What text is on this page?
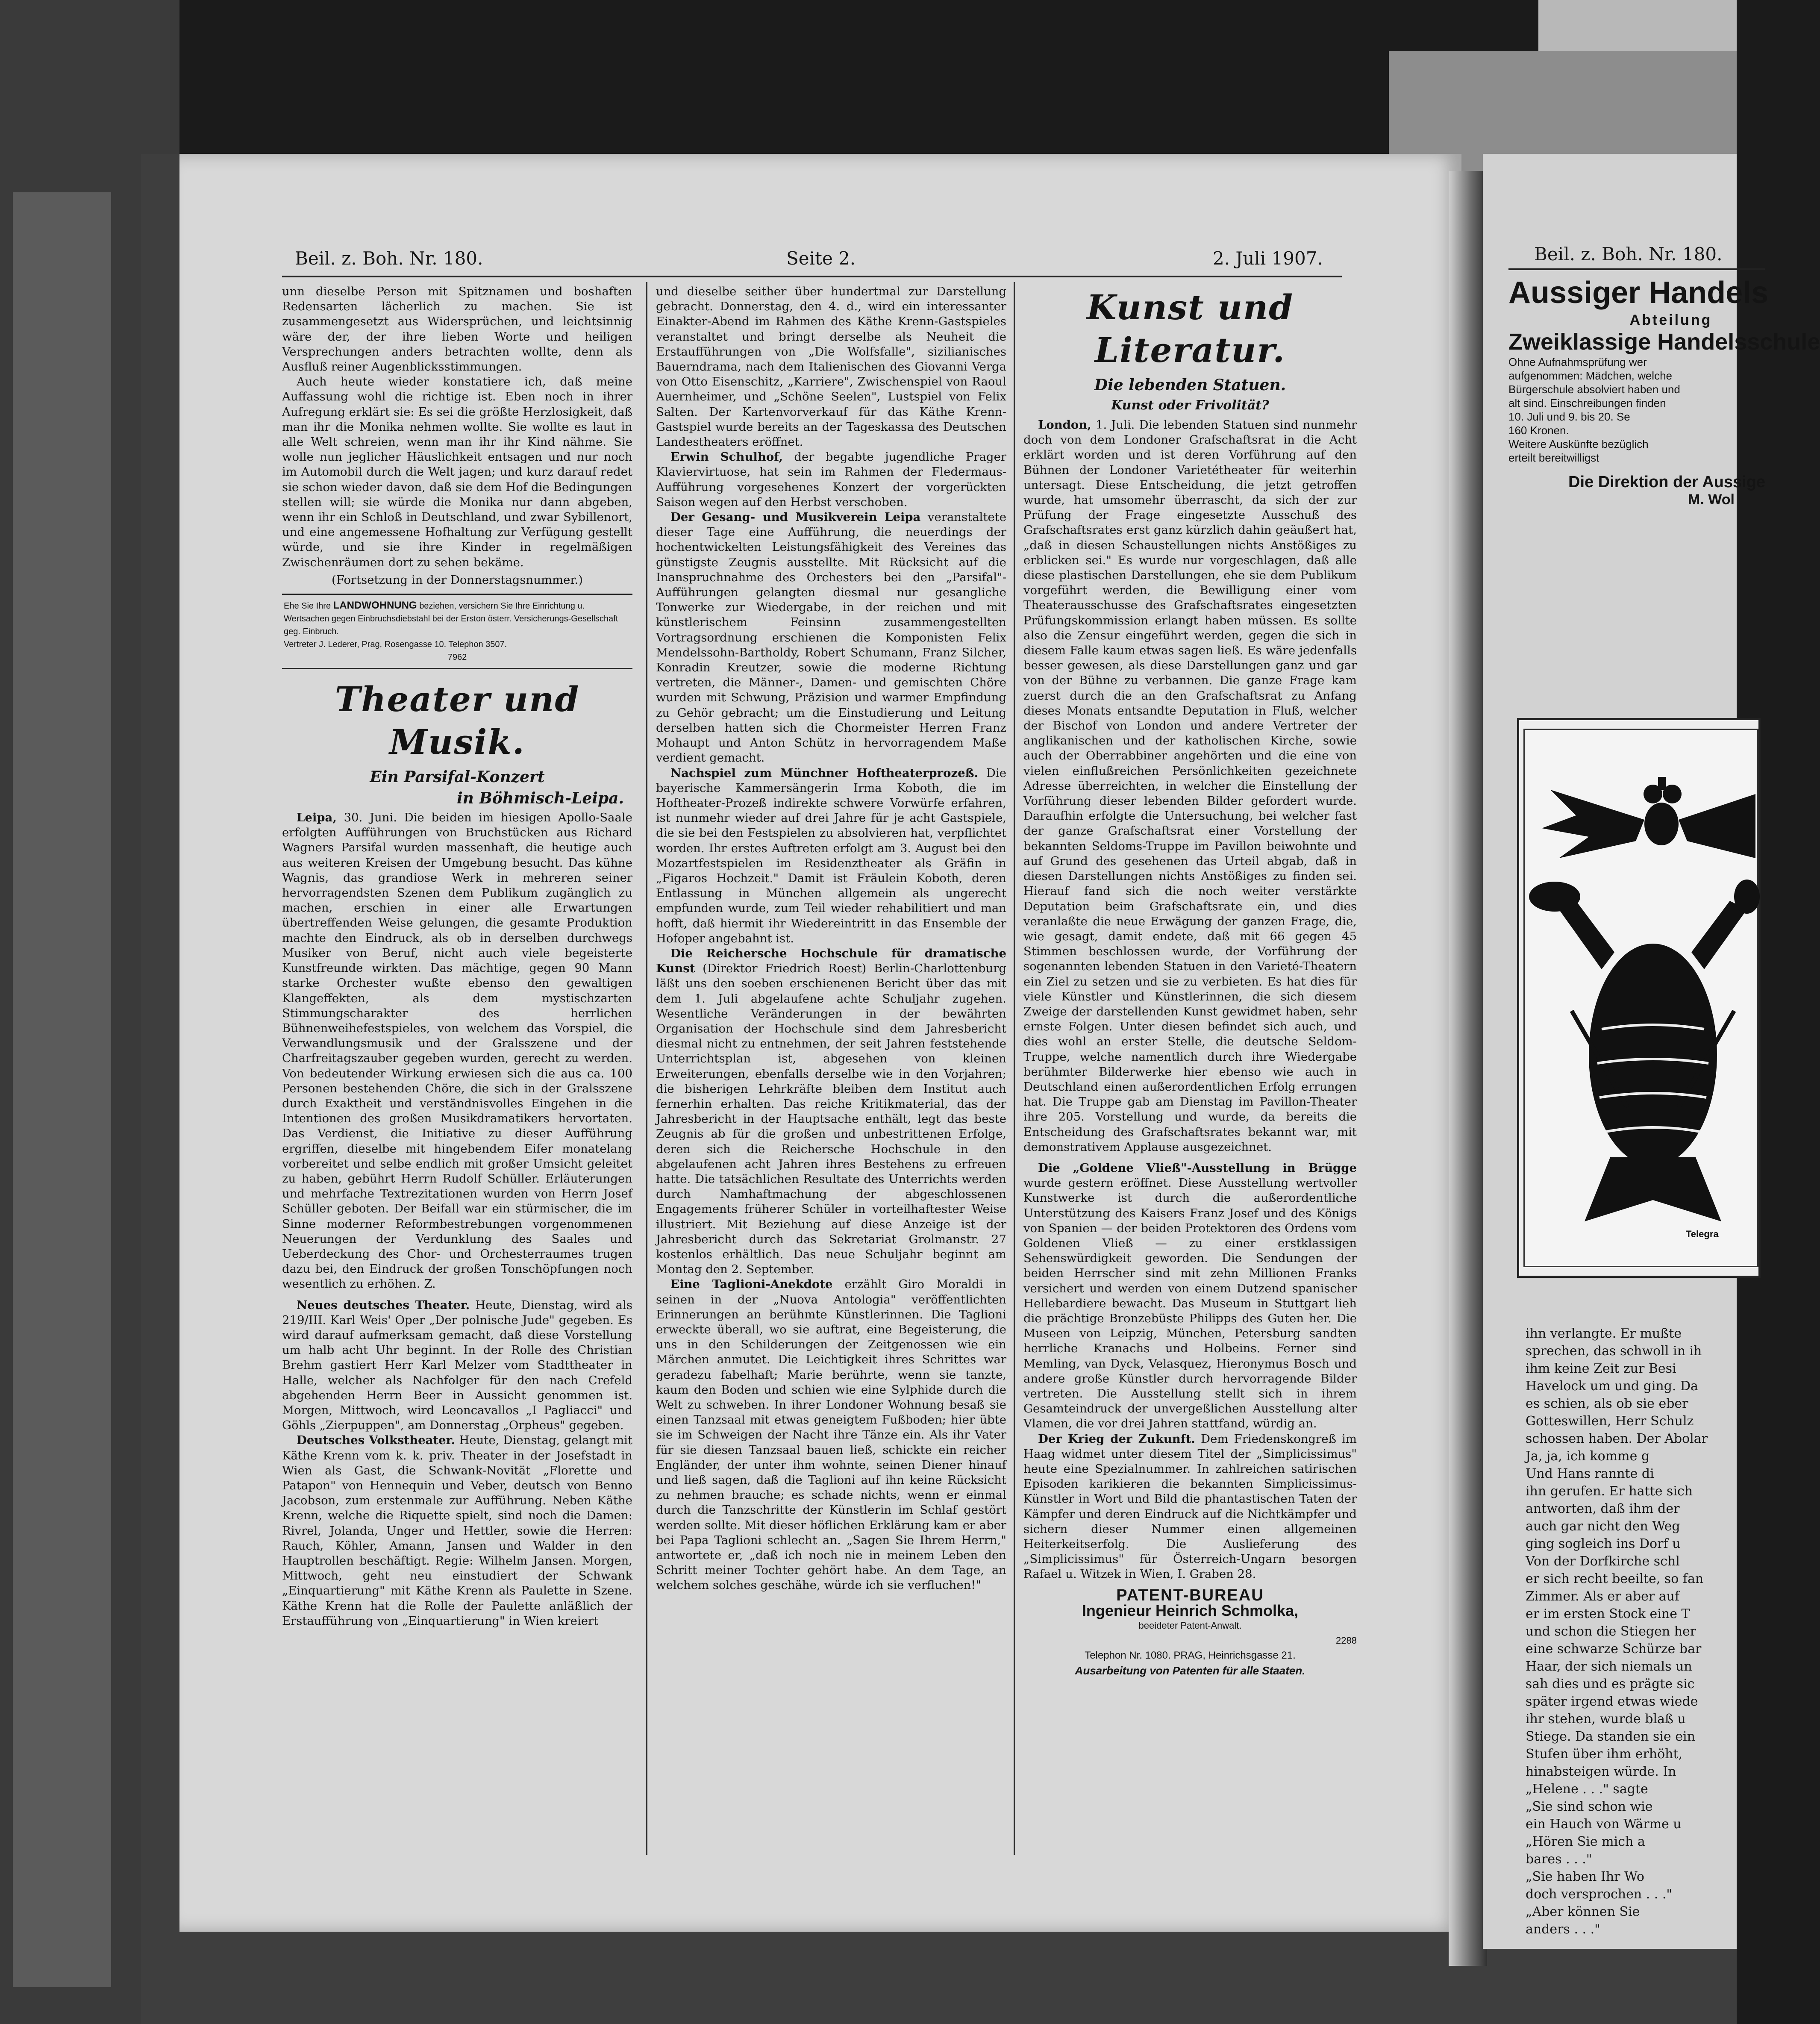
Beil. z. Boh. Nr. 180.	Seite 2.	2. Juli 1907.

unn dieselbe Person mit Spitznamen und boshaften Redensarten lächerlich zu machen. Sie ist zusammengesetzt aus Widersprüchen, und leichtsinnig wäre der, der ihre lieben Worte und heiligen Versprechungen anders betrachten wollte, denn als Ausfluß reiner Augenblicksstimmungen.

Auch heute wieder konstatiere ich, daß meine Auffassung wohl die richtige ist. Eben noch in ihrer Aufregung erklärt sie: Es sei die größte Herzlosigkeit, daß man ihr die Monika nehmen wollte. Sie wollte es laut in alle Welt schreien, wenn man ihr ihr Kind nähme. Sie wolle nun jeglicher Häuslichkeit entsagen und nur noch im Automobil durch die Welt jagen; und kurz darauf redet sie schon wieder davon, daß sie dem Hof die Bedingungen stellen will; sie würde die Monika nur dann abgeben, wenn ihr ein Schloß in Deutschland, und zwar Sybillenort, und eine angemessene Hofhaltung zur Verfügung gestellt würde, und sie ihre Kinder in regelmäßigen Zwischenräumen dort zu sehen bekäme.

(Fortsetzung in der Donnerstagsnummer.)

Ehe Sie Ihre LANDWOHNUNG beziehen, versichern Sie Ihre Einrichtung u. Wertsachen gegen Einbruchsdiebstahl bei der Erston österr. Versicherungs-Gesellschaft geg. Einbruch.
Vertreter J. Lederer, Prag, Rosengasse 10. Telephon 3507.

7962
Theater und Musik.
Ein Parsifal-Konzert
in Böhmisch-Leipa.

Leipa, 30. Juni. Die beiden im hiesigen Apollo-Saale erfolgten Aufführungen von Bruchstücken aus Richard Wagners Parsifal wurden massenhaft, die heutige auch aus weiteren Kreisen der Umgebung besucht. Das kühne Wagnis, das grandiose Werk in mehreren seiner hervorragendsten Szenen dem Publikum zugänglich zu machen, erschien in einer alle Erwartungen übertreffenden Weise gelungen, die gesamte Produktion machte den Eindruck, als ob in derselben durchwegs Musiker von Beruf, nicht auch viele begeisterte Kunstfreunde wirkten. Das mächtige, gegen 90 Mann starke Orchester wußte ebenso den gewaltigen Klangeffekten, als dem mystischzarten Stimmungscharakter des herrlichen Bühnenweihefestspieles, von welchem das Vorspiel, die Verwandlungsmusik und der Gralsszene und der Charfreitagszauber gegeben wurden, gerecht zu werden. Von bedeutender Wirkung erwiesen sich die aus ca. 100 Personen bestehenden Chöre, die sich in der Gralsszene durch Exaktheit und verständnisvolles Eingehen in die Intentionen des großen Musikdramatikers hervortaten. Das Verdienst, die Initiative zu dieser Aufführung ergriffen, dieselbe mit hingebendem Eifer monatelang vorbereitet und selbe endlich mit großer Umsicht geleitet zu haben, gebührt Herrn Rudolf Schüller. Erläuterungen und mehrfache Textrezitationen wurden von Herrn Josef Schüller geboten. Der Beifall war ein stürmischer, die im Sinne moderner Reformbestrebungen vorgenommenen Neuerungen der Verdunklung des Saales und Ueberdeckung des Chor- und Orchesterraumes trugen dazu bei, den Eindruck der großen Tonschöpfungen noch wesentlich zu erhöhen. Z.

Neues deutsches Theater. Heute, Dienstag, wird als 219/III. Karl Weis' Oper „Der polnische Jude" gegeben. Es wird darauf aufmerksam gemacht, daß diese Vorstellung um halb acht Uhr beginnt. In der Rolle des Christian Brehm gastiert Herr Karl Melzer vom Stadttheater in Halle, welcher als Nachfolger für den nach Crefeld abgehenden Herrn Beer in Aussicht genommen ist. Morgen, Mittwoch, wird Leoncavallos „I Pagliacci" und Göhls „Zierpuppen", am Donnerstag „Orpheus" gegeben.

Deutsches Volkstheater. Heute, Dienstag, gelangt mit Käthe Krenn vom k. k. priv. Theater in der Josefstadt in Wien als Gast, die Schwank-Novität „Florette und Patapon" von Hennequin und Veber, deutsch von Benno Jacobson, zum erstenmale zur Aufführung. Neben Käthe Krenn, welche die Riquette spielt, sind noch die Damen: Rivrel, Jolanda, Unger und Hettler, sowie die Herren: Rauch, Köhler, Amann, Jansen und Walder in den Hauptrollen beschäftigt. Regie: Wilhelm Jansen. Morgen, Mittwoch, geht neu einstudiert der Schwank „Einquartierung" mit Käthe Krenn als Paulette in Szene. Käthe Krenn hat die Rolle der Paulette anläßlich der Erstaufführung von „Einquartierung" in Wien kreiert

und dieselbe seither über hundertmal zur Darstellung gebracht. Donnerstag, den 4. d., wird ein interessanter Einakter-Abend im Rahmen des Käthe Krenn-Gastspieles veranstaltet und bringt derselbe als Neuheit die Erstaufführungen von „Die Wolfsfalle", sizilianisches Bauerndrama, nach dem Italienischen des Giovanni Verga von Otto Eisenschitz, „Karriere", Zwischenspiel von Raoul Auernheimer, und „Schöne Seelen", Lustspiel von Felix Salten. Der Kartenvorverkauf für das Käthe Krenn-Gastspiel wurde bereits an der Tageskassa des Deutschen Landestheaters eröffnet.

Erwin Schulhof, der begabte jugendliche Prager Klaviervirtuose, hat sein im Rahmen der Fledermaus-Aufführung vorgesehenes Konzert der vorgerückten Saison wegen auf den Herbst verschoben.

Der Gesang- und Musikverein Leipa veranstaltete dieser Tage eine Aufführung, die neuerdings der hochentwickelten Leistungsfähigkeit des Vereines das günstigste Zeugnis ausstellte. Mit Rücksicht auf die Inanspruchnahme des Orchesters bei den „Parsifal"-Aufführungen gelangten diesmal nur gesangliche Tonwerke zur Wiedergabe, in der reichen und mit künstlerischem Feinsinn zusammengestellten Vortragsordnung erschienen die Komponisten Felix Mendelssohn-Bartholdy, Robert Schumann, Franz Silcher, Konradin Kreutzer, sowie die moderne Richtung vertreten, die Männer-, Damen- und gemischten Chöre wurden mit Schwung, Präzision und warmer Empfindung zu Gehör gebracht; um die Einstudierung und Leitung derselben hatten sich die Chormeister Herren Franz Mohaupt und Anton Schütz in hervorragendem Maße verdient gemacht.

Nachspiel zum Münchner Hoftheaterprozeß. Die bayerische Kammersängerin Irma Koboth, die im Hoftheater-Prozeß indirekte schwere Vorwürfe erfahren, ist nunmehr wieder auf drei Jahre für je acht Gastspiele, die sie bei den Festspielen zu absolvieren hat, verpflichtet worden. Ihr erstes Auftreten erfolgt am 3. August bei den Mozartfestspielen im Residenztheater als Gräfin in „Figaros Hochzeit." Damit ist Fräulein Koboth, deren Entlassung in München allgemein als ungerecht empfunden wurde, zum Teil wieder rehabilitiert und man hofft, daß hiermit ihr Wiedereintritt in das Ensemble der Hofoper angebahnt ist.

Die Reichersche Hochschule für dramatische Kunst (Direktor Friedrich Roest) Berlin-Charlottenburg läßt uns den soeben erschienenen Bericht über das mit dem 1. Juli abgelaufene achte Schuljahr zugehen. Wesentliche Veränderungen in der bewährten Organisation der Hochschule sind dem Jahresbericht diesmal nicht zu entnehmen, der seit Jahren feststehende Unterrichtsplan ist, abgesehen von kleinen Erweiterungen, ebenfalls derselbe wie in den Vorjahren; die bisherigen Lehrkräfte bleiben dem Institut auch fernerhin erhalten. Das reiche Kritikmaterial, das der Jahresbericht in der Hauptsache enthält, legt das beste Zeugnis ab für die großen und unbestrittenen Erfolge, deren sich die Reichersche Hochschule in den abgelaufenen acht Jahren ihres Bestehens zu erfreuen hatte. Die tatsächlichen Resultate des Unterrichts werden durch Namhaftmachung der abgeschlossenen Engagements früherer Schüler in vorteilhaftester Weise illustriert. Mit Beziehung auf diese Anzeige ist der Jahresbericht durch das Sekretariat Grolmanstr. 27 kostenlos erhältlich. Das neue Schuljahr beginnt am Montag den 2. September.

Eine Taglioni-Anekdote erzählt Giro Moraldi in seinen in der „Nuova Antologia" veröffentlichten Erinnerungen an berühmte Künstlerinnen. Die Taglioni erweckte überall, wo sie auftrat, eine Begeisterung, die uns in den Schilderungen der Zeitgenossen wie ein Märchen anmutet. Die Leichtigkeit ihres Schrittes war geradezu fabelhaft; Marie berührte, wenn sie tanzte, kaum den Boden und schien wie eine Sylphide durch die Welt zu schweben. In ihrer Londoner Wohnung besaß sie einen Tanzsaal mit etwas geneigtem Fußboden; hier übte sie im Schweigen der Nacht ihre Tänze ein. Als ihr Vater für sie diesen Tanzsaal bauen ließ, schickte ein reicher Engländer, der unter ihm wohnte, seinen Diener hinauf und ließ sagen, daß die Taglioni auf ihn keine Rücksicht zu nehmen brauche; es schade nichts, wenn er einmal durch die Tanzschritte der Künstlerin im Schlaf gestört werden sollte. Mit dieser höflichen Erklärung kam er aber bei Papa Taglioni schlecht an. „Sagen Sie Ihrem Herrn," antwortete er, „daß ich noch nie in meinem Leben den Schritt meiner Tochter gehört habe. An dem Tage, an welchem solches geschähe, würde ich sie verfluchen!"

Kunst und Literatur.
Die lebenden Statuen.
Kunst oder Frivolität?

London, 1. Juli. Die lebenden Statuen sind nunmehr doch von dem Londoner Grafschaftsrat in die Acht erklärt worden und ist deren Vorführung auf den Bühnen der Londoner Varietétheater für weiterhin untersagt. Diese Entscheidung, die jetzt getroffen wurde, hat umsomehr überrascht, da sich der zur Prüfung der Frage eingesetzte Ausschuß des Grafschaftsrates erst ganz kürzlich dahin geäußert hat, „daß in diesen Schaustellungen nichts Anstößiges zu erblicken sei." Es wurde nur vorgeschlagen, daß alle diese plastischen Darstellungen, ehe sie dem Publikum vorgeführt werden, die Bewilligung einer vom Theaterausschusse des Grafschaftsrates eingesetzten Prüfungskommission erlangt haben müssen. Es sollte also die Zensur eingeführt werden, gegen die sich in diesem Falle kaum etwas sagen ließ. Es wäre jedenfalls besser gewesen, als diese Darstellungen ganz und gar von der Bühne zu verbannen. Die ganze Frage kam zuerst durch die an den Grafschaftsrat zu Anfang dieses Monats entsandte Deputation in Fluß, welcher der Bischof von London und andere Vertreter der anglikanischen und der katholischen Kirche, sowie auch der Oberrabbiner angehörten und die eine von vielen einflußreichen Persönlichkeiten gezeichnete Adresse überreichten, in welcher die Einstellung der Vorführung dieser lebenden Bilder gefordert wurde. Daraufhin erfolgte die Untersuchung, bei welcher fast der ganze Grafschaftsrat einer Vorstellung der bekannten Seldoms-Truppe im Pavillon beiwohnte und auf Grund des gesehenen das Urteil abgab, daß in diesen Darstellungen nichts Anstößiges zu finden sei. Hierauf fand sich die noch weiter verstärkte Deputation beim Grafschaftsrate ein, und dies veranlaßte die neue Erwägung der ganzen Frage, die, wie gesagt, damit endete, daß mit 66 gegen 45 Stimmen beschlossen wurde, der Vorführung der sogenannten lebenden Statuen in den Varieté-Theatern ein Ziel zu setzen und sie zu verbieten. Es hat dies für viele Künstler und Künstlerinnen, die sich diesem Zweige der darstellenden Kunst gewidmet haben, sehr ernste Folgen. Unter diesen befindet sich auch, und dies wohl an erster Stelle, die deutsche Seldom-Truppe, welche namentlich durch ihre Wiedergabe berühmter Bilderwerke hier ebenso wie auch in Deutschland einen außerordentlichen Erfolg errungen hat. Die Truppe gab am Dienstag im Pavillon-Theater ihre 205. Vorstellung und wurde, da bereits die Entscheidung des Grafschaftsrates bekannt war, mit demonstrativem Applause ausgezeichnet.

Die „Goldene Vließ"-Ausstellung in Brügge wurde gestern eröffnet. Diese Ausstellung wertvoller Kunstwerke ist durch die außerordentliche Unterstützung des Kaisers Franz Josef und des Königs von Spanien — der beiden Protektoren des Ordens vom Goldenen Vließ — zu einer erstklassigen Sehenswürdigkeit geworden. Die Sendungen der beiden Herrscher sind mit zehn Millionen Franks versichert und werden von einem Dutzend spanischer Hellebardiere bewacht. Das Museum in Stuttgart lieh die prächtige Bronzebüste Philipps des Guten her. Die Museen von Leipzig, München, Petersburg sandten herrliche Kranachs und Holbeins. Ferner sind Memling, van Dyck, Velasquez, Hieronymus Bosch und andere große Künstler durch hervorragende Bilder vertreten. Die Ausstellung stellt sich in ihrem Gesamteindruck der unvergeßlichen Ausstellung alter Vlamen, die vor drei Jahren stattfand, würdig an.

Der Krieg der Zukunft. Dem Friedenskongreß im Haag widmet unter diesem Titel der „Simplicissimus" heute eine Spezialnummer. In zahlreichen satirischen Episoden karikieren die bekannten Simplicissimus-Künstler in Wort und Bild die phantastischen Taten der Kämpfer und deren Eindruck auf die Nichtkämpfer und sichern dieser Nummer einen allgemeinen Heiterkeitserfolg. Die Auslieferung des „Simplicissimus" für Österreich-Ungarn besorgen Rafael u. Witzek in Wien, I. Graben 28.

PATENT-BUREAU
Ingenieur Heinrich Schmolka,
beeideter Patent-Anwalt.
2288
Telephon Nr. 1080. PRAG, Heinrichsgasse 21.
Ausarbeitung von Patenten für alle Staaten.
Beil. z. Boh. Nr. 180.
Aussiger Handels
Abteilung
Zweiklassige Handelsschule
Ohne Aufnahmsprüfung wer
aufgenommen: Mädchen, welche
Bürgerschule absolviert haben und
alt sind. Einschreibungen finden
10. Juli und 9. bis 20. Se
160 Kronen.
Weitere Auskünfte bezüglich
erteilt bereitwilligst
Die Direktion der Aussige
M. Wol
Telegra

ihn verlangte. Er mußte

sprechen, das schwoll in ih

ihm keine Zeit zur Besi

Havelock um und ging. Da

es schien, als ob sie eber

Gotteswillen, Herr Schulz

schossen haben. Der Abolar

Ja, ja, ich komme g

Und Hans rannte di

ihn gerufen. Er hatte sich

antworten, daß ihm der

auch gar nicht den Weg

ging sogleich ins Dorf u

Von der Dorfkirche schl

er sich recht beeilte, so fan

Zimmer. Als er aber auf

er im ersten Stock eine T

und schon die Stiegen her

eine schwarze Schürze bar

Haar, der sich niemals un

sah dies und es prägte sic

später irgend etwas wiede

ihr stehen, wurde blaß u

Stiege. Da standen sie ein

Stufen über ihm erhöht,

hinabsteigen würde. In

„Helene . . ." sagte

„Sie sind schon wie

ein Hauch von Wärme u

„Hören Sie mich a

bares . . ."

„Sie haben Ihr Wo

doch versprochen . . ."

„Aber können Sie

anders . . ."
